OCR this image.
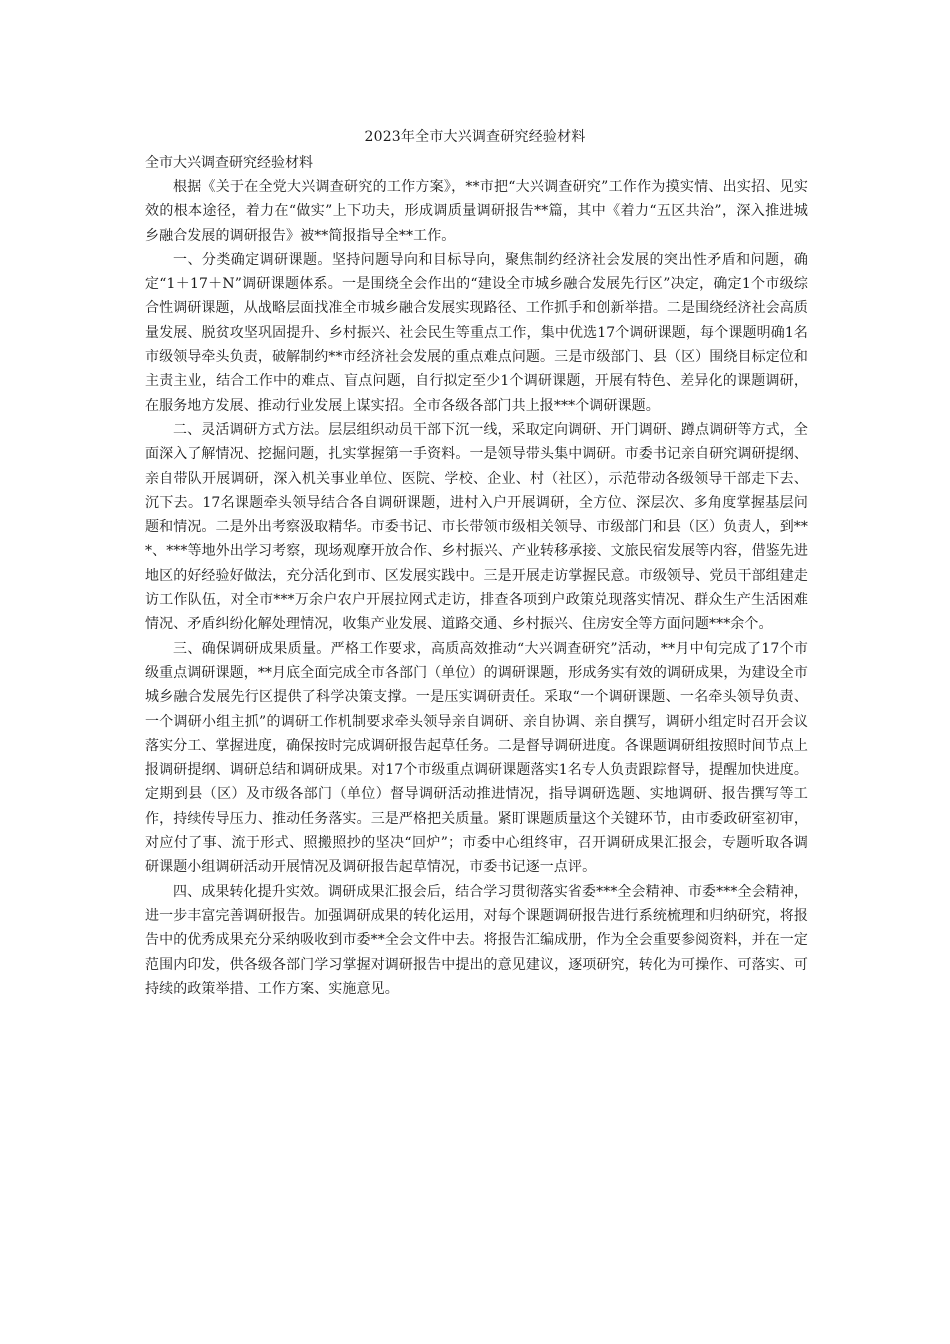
2023年全市大兴调查研究经验材料
全市大兴调查研究经验材料

根据《关于在全党大兴调查研究的工作方案》，**市把“大兴调查研究”工作作为摸实情、出实招、见实效的根本途径，着力在“做实”上下功夫，形成调质量调研报告**篇，其中《着力“五区共治”，深入推进城乡融合发展的调研报告》被**简报指导全**工作。

一、分类确定调研课题。坚持问题导向和目标导向，聚焦制约经济社会发展的突出性矛盾和问题，确定“1＋17＋N”调研课题体系。一是围绕全会作出的“建设全市城乡融合发展先行区”决定，确定1个市级综合性调研课题，从战略层面找准全市城乡融合发展实现路径、工作抓手和创新举措。二是围绕经济社会高质量发展、脱贫攻坚巩固提升、乡村振兴、社会民生等重点工作，集中优选17个调研课题，每个课题明确1名市级领导牵头负责，破解制约**市经济社会发展的重点难点问题。三是市级部门、县（区）围绕目标定位和主责主业，结合工作中的难点、盲点问题，自行拟定至少1个调研课题，开展有特色、差异化的课题调研，在服务地方发展、推动行业发展上谋实招。全市各级各部门共上报***个调研课题。

二、灵活调研方式方法。层层组织动员干部下沉一线，采取定向调研、开门调研、蹲点调研等方式，全面深入了解情况、挖掘问题，扎实掌握第一手资料。一是领导带头集中调研。市委书记亲自研究调研提纲、亲自带队开展调研，深入机关事业单位、医院、学校、企业、村（社区），示范带动各级领导干部走下去、沉下去。17名课题牵头领导结合各自调研课题，进村入户开展调研，全方位、深层次、多角度掌握基层问题和情况。二是外出考察汲取精华。市委书记、市长带领市级相关领导、市级部门和县（区）负责人，到***、***等地外出学习考察，现场观摩开放合作、乡村振兴、产业转移承接、文旅民宿发展等内容，借鉴先进地区的好经验好做法，充分活化到市、区发展实践中。三是开展走访掌握民意。市级领导、党员干部组建走访工作队伍，对全市***万余户农户开展拉网式走访，排查各项到户政策兑现落实情况、群众生产生活困难情况、矛盾纠纷化解处理情况，收集产业发展、道路交通、乡村振兴、住房安全等方面问题***余个。

三、确保调研成果质量。严格工作要求，高质高效推动“大兴调查研究”活动，**月中旬完成了17个市级重点调研课题，**月底全面完成全市各部门（单位）的调研课题，形成务实有效的调研成果，为建设全市城乡融合发展先行区提供了科学决策支撑。一是压实调研责任。采取“一个调研课题、一名牵头领导负责、一个调研小组主抓”的调研工作机制要求牵头领导亲自调研、亲自协调、亲自撰写，调研小组定时召开会议落实分工、掌握进度，确保按时完成调研报告起草任务。二是督导调研进度。各课题调研组按照时间节点上报调研提纲、调研总结和调研成果。对17个市级重点调研课题落实1名专人负责跟踪督导，提醒加快进度。定期到县（区）及市级各部门（单位）督导调研活动推进情况，指导调研选题、实地调研、报告撰写等工作，持续传导压力、推动任务落实。三是严格把关质量。紧盯课题质量这个关键环节，由市委政研室初审，对应付了事、流于形式、照搬照抄的坚决“回炉”；市委中心组终审，召开调研成果汇报会，专题听取各调研课题小组调研活动开展情况及调研报告起草情况，市委书记逐一点评。

四、成果转化提升实效。调研成果汇报会后，结合学习贯彻落实省委***全会精神、市委***全会精神，进一步丰富完善调研报告。加强调研成果的转化运用，对每个课题调研报告进行系统梳理和归纳研究，将报告中的优秀成果充分采纳吸收到市委**全会文件中去。将报告汇编成册，作为全会重要参阅资料，并在一定范围内印发，供各级各部门学习掌握对调研报告中提出的意见建议，逐项研究，转化为可操作、可落实、可持续的政策举措、工作方案、实施意见。
